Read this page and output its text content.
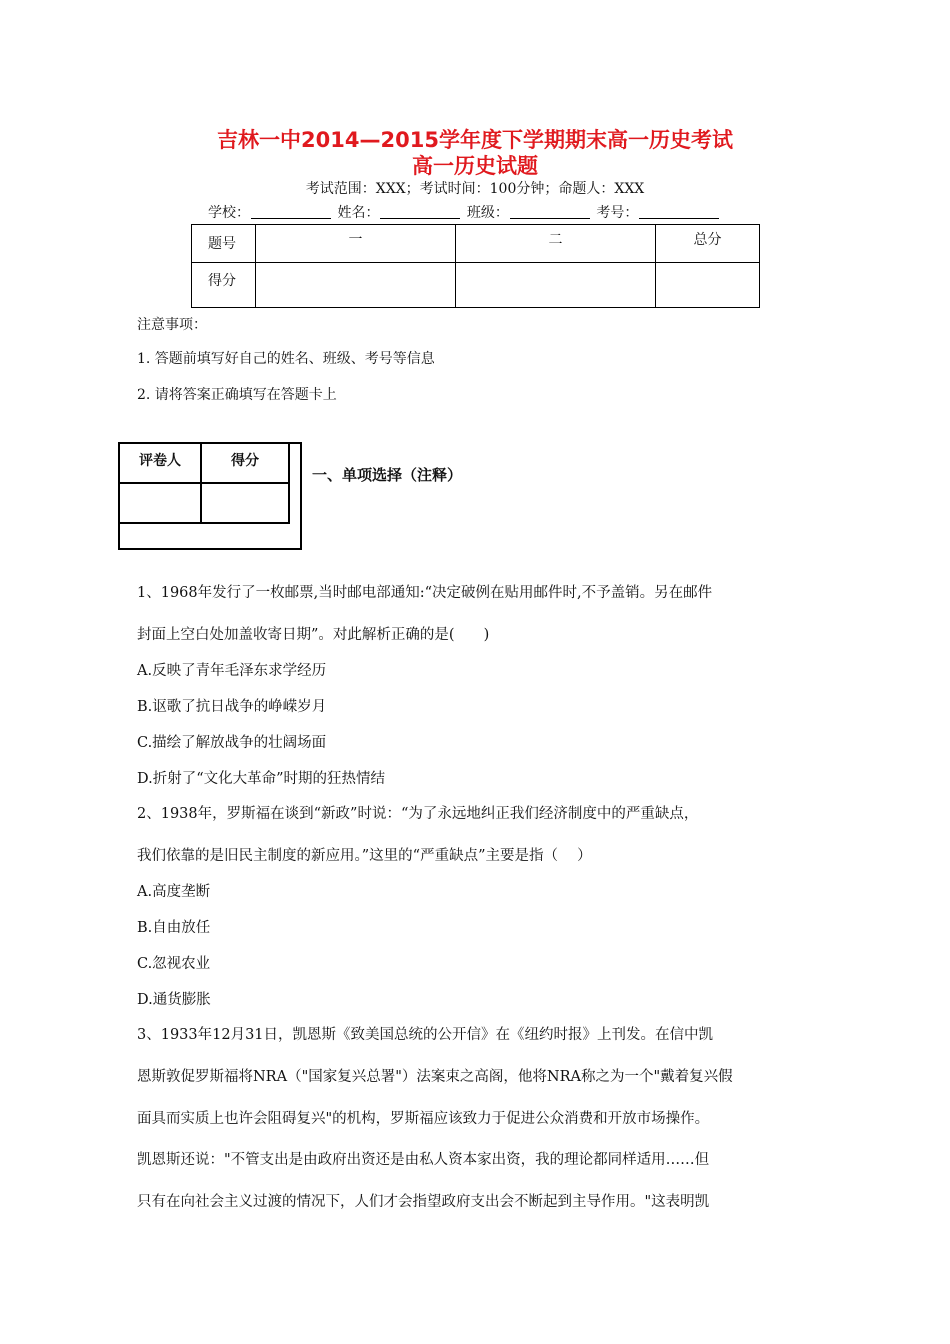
吉林一中2014—2015学年度下学期期末高一历史考试
高一历史试题
考试范围：XXX；考试时间：100分钟；命题人：XXX
学校：	姓名：	班级：	考号：
题号	一	二	总分
得分			
注意事项：
1. 答题前填写好自己的姓名、班级、考号等信息
2. 请将答案正确填写在答题卡上
评卷人	得分

一、单项选择（注释）
1、1968年发行了一枚邮票,当时邮电部通知:“决定破例在贴用邮件时,不予盖销。另在邮件
封面上空白处加盖收寄日期”。对此解析正确的是(　　)
A.反映了青年毛泽东求学经历
B.讴歌了抗日战争的峥嵘岁月
C.描绘了解放战争的壮阔场面
D.折射了“文化大革命”时期的狂热情结
2、1938年，罗斯福在谈到“新政”时说：“为了永远地纠正我们经济制度中的严重缺点，
我们依靠的是旧民主制度的新应用。”这里的“严重缺点”主要是指（　 ）
A.高度垄断
B.自由放任
C.忽视农业
D.通货膨胀
3、1933年12月31日，凯恩斯《致美国总统的公开信》在《纽约时报》上刊发。在信中凯
恩斯敦促罗斯福将NRA（"国家复兴总署"）法案束之高阁，他将NRA称之为一个"戴着复兴假
面具而实质上也许会阻碍复兴"的机构，罗斯福应该致力于促进公众消费和开放市场操作。
凯恩斯还说："不管支出是由政府出资还是由私人资本家出资，我的理论都同样适用……但
只有在向社会主义过渡的情况下，人们才会指望政府支出会不断起到主导作用。"这表明凯
